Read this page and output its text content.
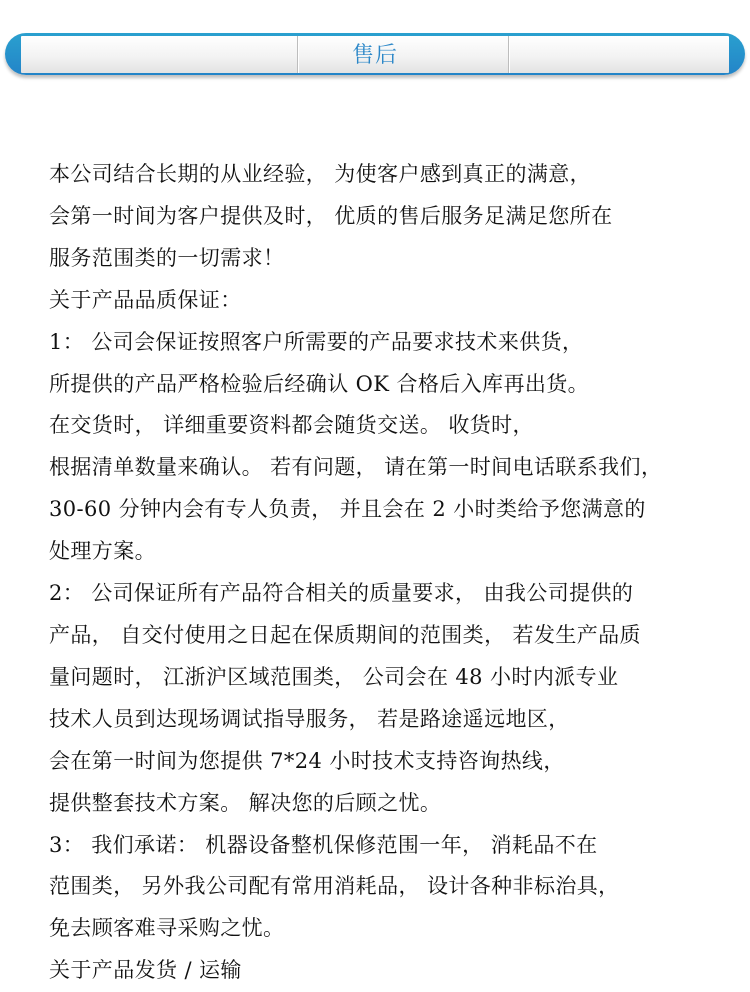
售后
本公司结合长期的从业经验， 为使客户感到真正的满意，
会第一时间为客户提供及时， 优质的售后服务足满足您所在
服务范围类的一切需求！
关于产品品质保证：
1： 公司会保证按照客户所需要的产品要求技术来供货，
所提供的产品严格检验后经确认 OK 合格后入库再出货。
在交货时， 详细重要资料都会随货交送。 收货时，
根据清单数量来确认。 若有问题， 请在第一时间电话联系我们，
30-60 分钟内会有专人负责， 并且会在 2 小时类给予您满意的
处理方案。
2： 公司保证所有产品符合相关的质量要求， 由我公司提供的
产品， 自交付使用之日起在保质期间的范围类， 若发生产品质
量问题时， 江浙沪区域范围类， 公司会在 48 小时内派专业
技术人员到达现场调试指导服务， 若是路途遥远地区，
会在第一时间为您提供 7*24 小时技术支持咨询热线，
提供整套技术方案。 解决您的后顾之忧。
3： 我们承诺： 机器设备整机保修范围一年， 消耗品不在
范围类， 另外我公司配有常用消耗品， 设计各种非标治具，
免去顾客难寻采购之忧。
关于产品发货 / 运输
